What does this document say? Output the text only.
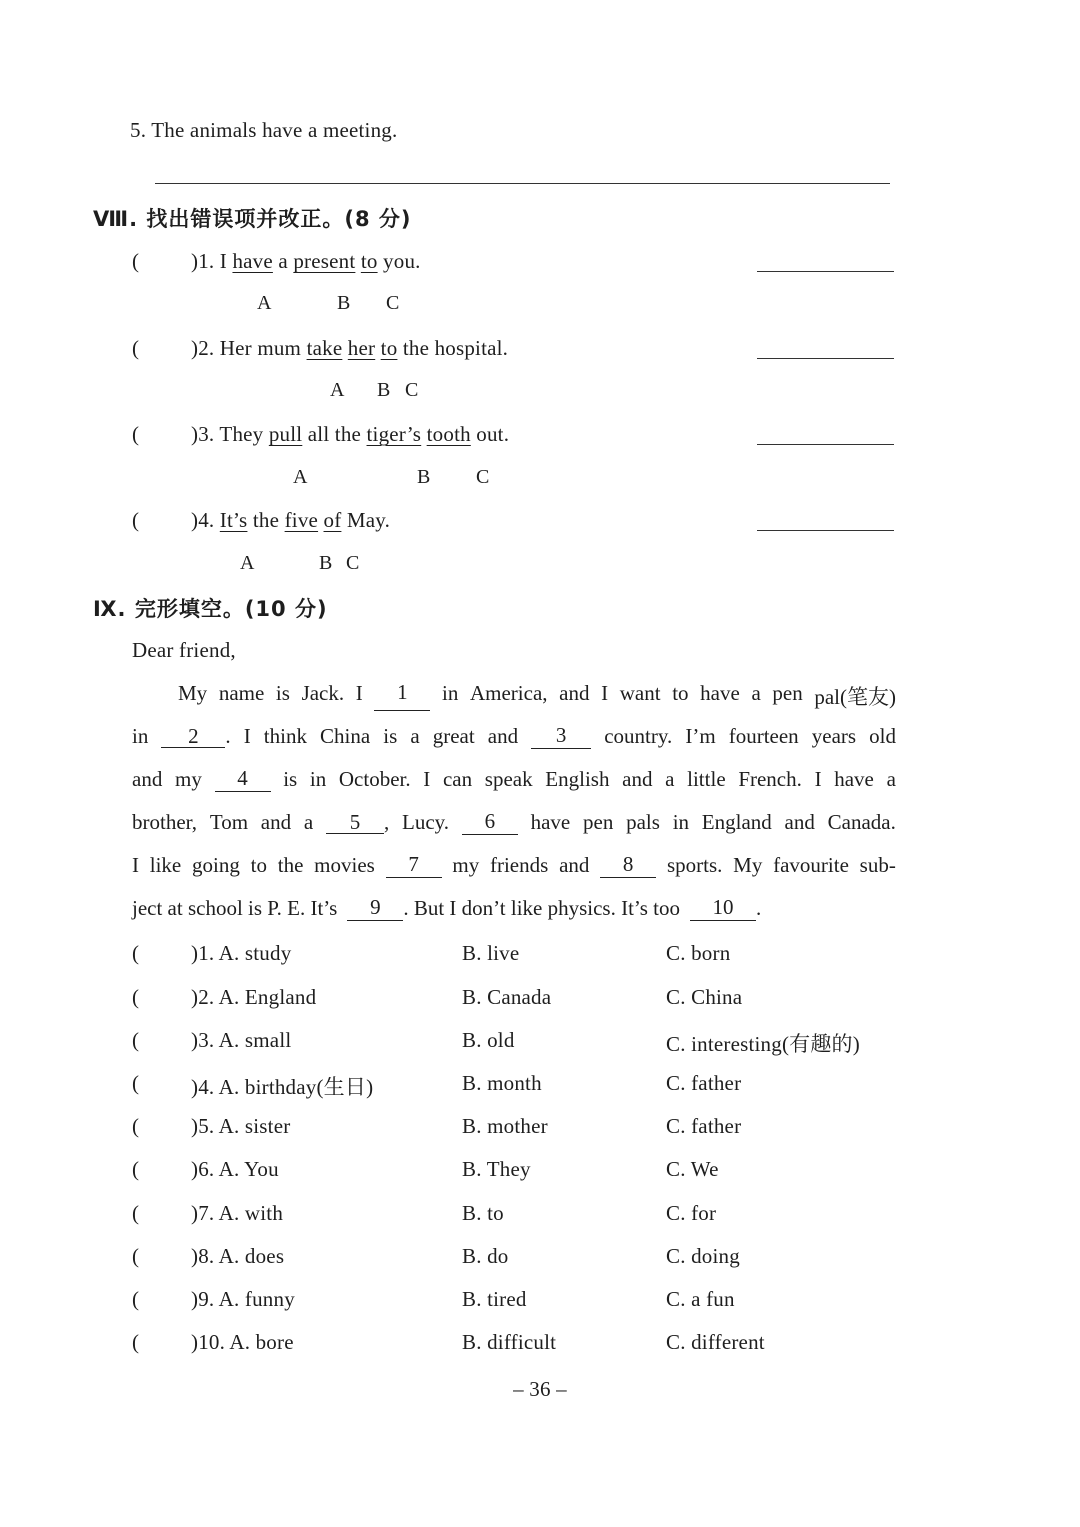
5. The animals have a meeting.
Ⅷ. 找出错误项并改正。(8 分)
( )1. I have a present to you.
A	B C
( )2. Her mum take her to the hospital.
A B C
( )3. They pull all the tiger’s tooth out.
A	B C
( )4. It’s the five of May.
A	B C
Ⅸ. 完形填空。(10 分)
Dear friend,
My name is Jack. I	1	in America, and I want to have a pen pal(笔友)
in	2 . I think China is a great and	3	country. I’m fourteen years old
and my	4	is in October. I can speak English and a little French. I have a
brother, Tom and a	5 , Lucy.	6	have pen pals in England and Canada.
I like going to the movies	7	my friends and	8	sports. My favourite sub-
ject at school is P. E. It’s	9	. But I don’t like physics. It’s too	10	.
( )1. A. study	B. live	C. born
( )2. A. England	B. Canada	C. China
( )3. A. small	B. old	C. interesting(有趣的)
( )4. A. birthday(生日)	B. month	C. father
( )5. A. sister	B. mother	C. father
( )6. A. You	B. They	C. We
( )7. A. with	B. to	C. for
( )8. A. does	B. do	C. doing
( )9. A. funny	B. tired	C. a fun
( )10. A. bore	B. difficult	C. different
– 36 –
